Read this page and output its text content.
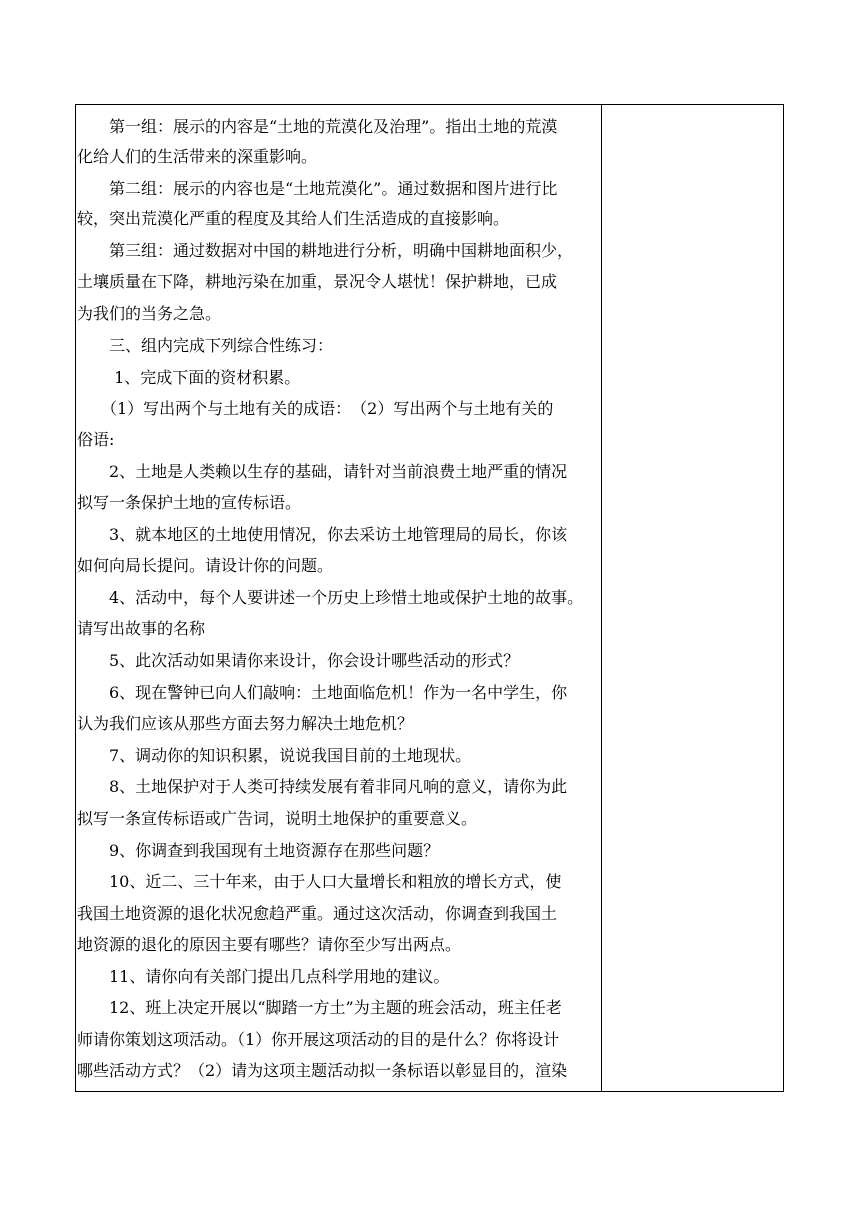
　　第一组：展示的内容是“土地的荒漠化及治理”。指出土地的荒漠
化给人们的生活带来的深重影响。
　　第二组：展示的内容也是“土地荒漠化”。通过数据和图片进行比
较，突出荒漠化严重的程度及其给人们生活造成的直接影响。
　　第三组：通过数据对中国的耕地进行分析，明确中国耕地面积少，
土壤质量在下降，耕地污染在加重，景况令人堪忧！保护耕地，已成
为我们的当务之急。
　　三、组内完成下列综合性练习：
　　 1、完成下面的资材积累。
　　（1）写出两个与土地有关的成语：　（2）写出两个与土地有关的
俗语:
　　2、土地是人类赖以生存的基础，请针对当前浪费土地严重的情况
拟写一条保护土地的宣传标语。
　　3、就本地区的土地使用情况，你去采访土地管理局的局长，你该
如何向局长提问。请设计你的问题。
　　4、活动中，每个人要讲述一个历史上珍惜土地或保护土地的故事。
请写出故事的名称
　　5、此次活动如果请你来设计，你会设计哪些活动的形式？
　　6、现在警钟已向人们敲响：土地面临危机！作为一名中学生，你
认为我们应该从那些方面去努力解决土地危机？
　　7、调动你的知识积累，说说我国目前的土地现状。
　　8、土地保护对于人类可持续发展有着非同凡响的意义，请你为此
拟写一条宣传标语或广告词，说明土地保护的重要意义。
　　9、你调查到我国现有土地资源存在那些问题？
　　10、近二、三十年来，由于人口大量增长和粗放的增长方式，使
我国土地资源的退化状况愈趋严重。通过这次活动，你调查到我国土
地资源的退化的原因主要有哪些？请你至少写出两点。
　　11、请你向有关部门提出几点科学用地的建议。
　　12、班上决定开展以“脚踏一方土”为主题的班会活动，班主任老
师请你策划这项活动。（1）你开展这项活动的目的是什么？你将设计
哪些活动方式？（2）请为这项主题活动拟一条标语以彰显目的，渲染
